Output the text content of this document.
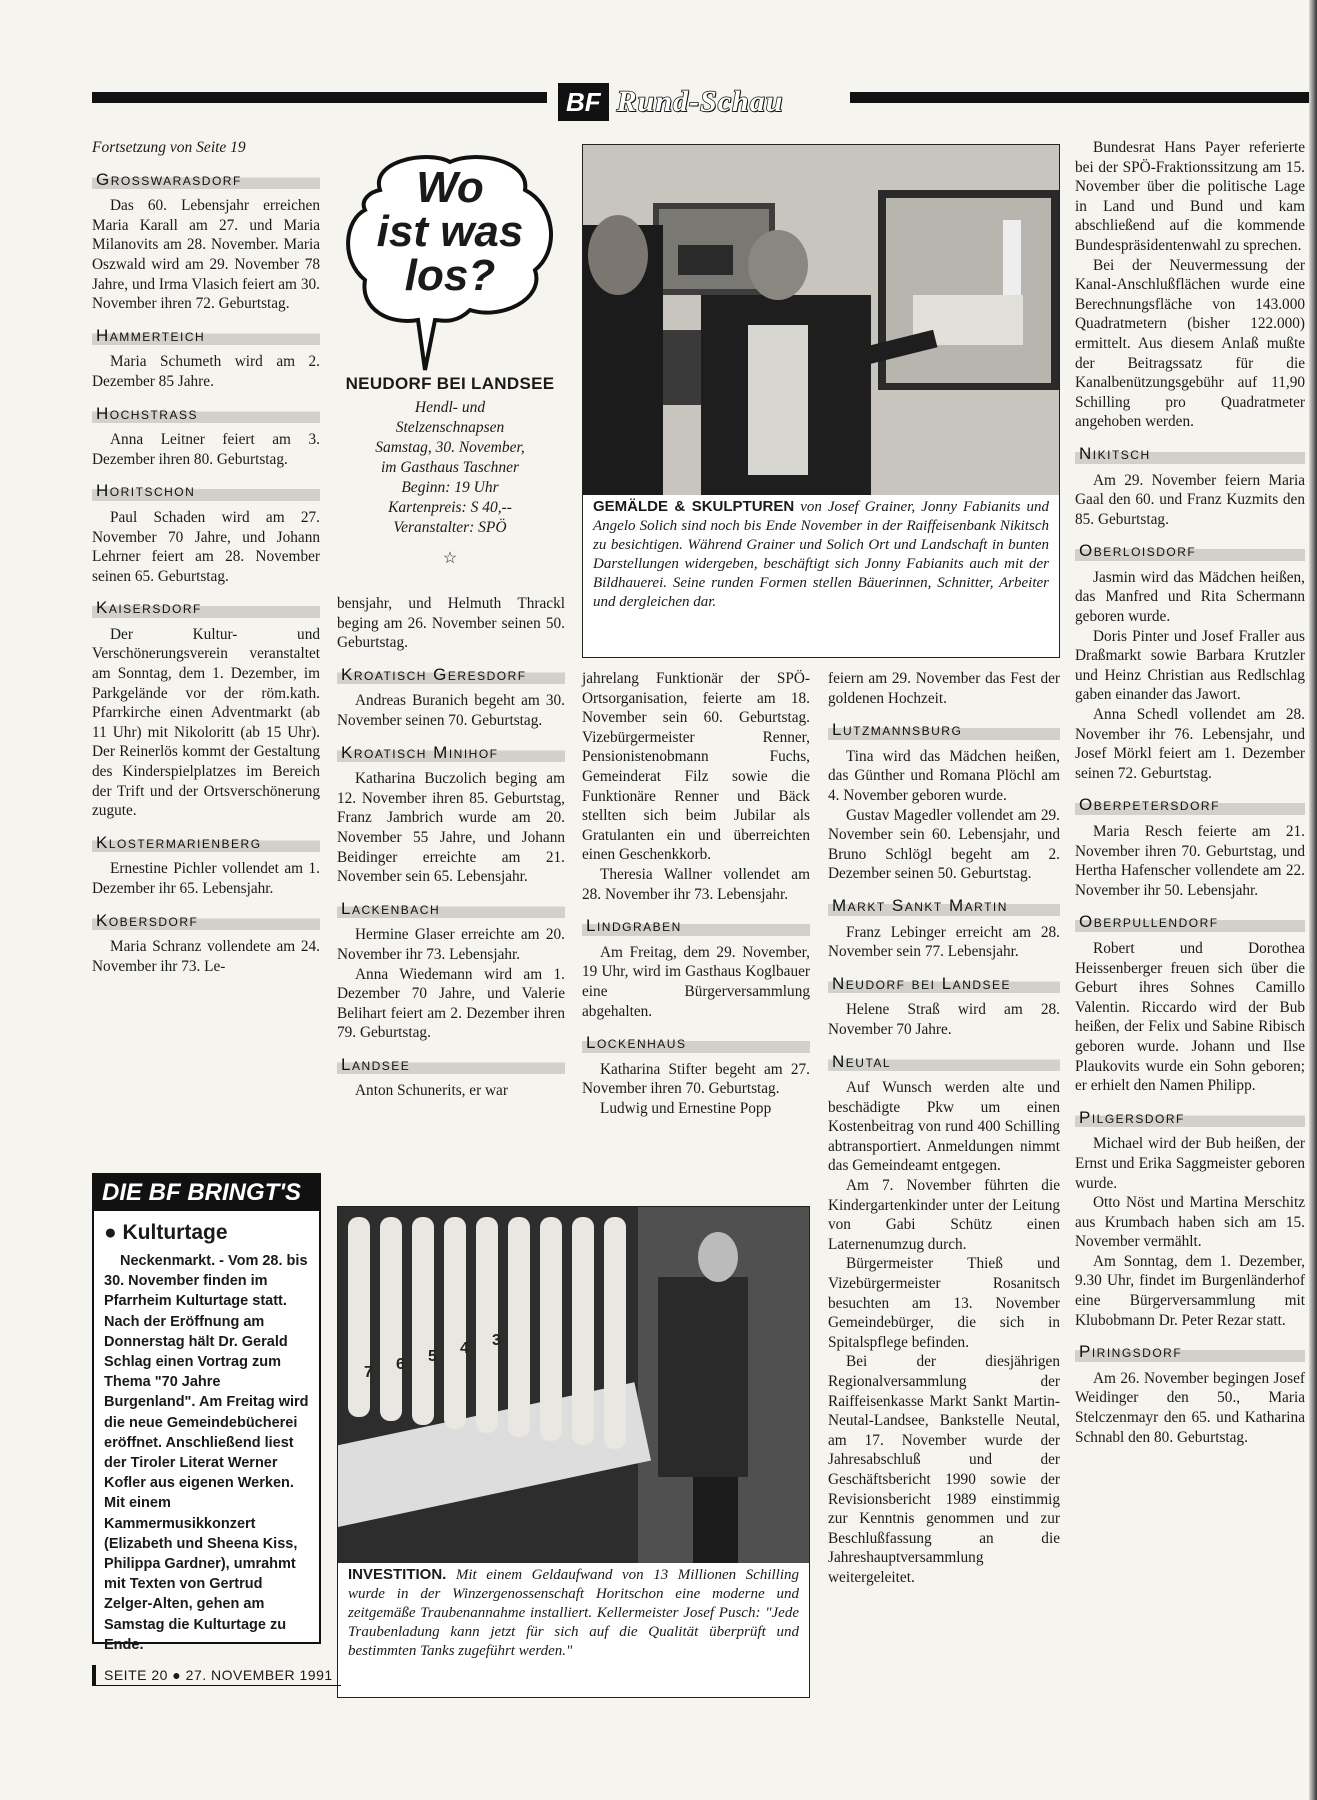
BF Rund-Schau
Fortsetzung von Seite 19
Grosswarasdorf

Das 60. Lebensjahr erreichen Maria Karall am 27. und Maria Milanovits am 28. November. Maria Oszwald wird am 29. November 78 Jahre, und Irma Vlasich feiert am 30. November ihren 72. Geburtstag.

Hammerteich

Maria Schumeth wird am 2. Dezember 85 Jahre.

Hochstrass

Anna Leitner feiert am 3. Dezember ihren 80. Geburtstag.

Horitschon

Paul Schaden wird am 27. November 70 Jahre, und Johann Lehrner feiert am 28. November seinen 65. Geburtstag.

Kaisersdorf

Der Kultur- und Verschönerungsverein veranstaltet am Sonntag, dem 1. Dezember, im Parkgelände vor der röm.kath. Pfarrkirche einen Adventmarkt (ab 11 Uhr) mit Nikoloritt (ab 15 Uhr). Der Reinerlös kommt der Gestaltung des Kinderspielplatzes im Bereich der Trift und der Ortsverschönerung zugute.

Klostermarienberg

Ernestine Pichler vollendet am 1. Dezember ihr 65. Lebensjahr.

Kobersdorf

Maria Schranz vollendete am 24. November ihr 73. Le-

Wo
ist was
los?
NEUDORF BEI LANDSEE
Hendl- und
Stelzenschnapsen
Samstag, 30. November,
im Gasthaus Taschner
Beginn: 19 Uhr
Kartenpreis: S 40,--
Veranstalter: SPÖ
☆

bensjahr, und Helmuth Thrackl beging am 26. November seinen 50. Geburtstag.

Kroatisch Geresdorf

Andreas Buranich begeht am 30. November seinen 70. Geburtstag.

Kroatisch Minihof

Katharina Buczolich beging am 12. November ihren 85. Geburtstag, Franz Jambrich wurde am 20. November 55 Jahre, und Johann Beidinger erreichte am 21. November sein 65. Lebensjahr.

Lackenbach

Hermine Glaser erreichte am 20. November ihr 73. Lebensjahr.

Anna Wiedemann wird am 1. Dezember 70 Jahre, und Valerie Belihart feiert am 2. Dezember ihren 79. Geburtstag.

Landsee

Anton Schunerits, er war

GEMÄLDE & SKULPTUREN von Josef Grainer, Jonny Fabianits und Angelo Solich sind noch bis Ende November in der Raiffeisenbank Nikitsch zu besichtigen. Während Grainer und Solich Ort und Landschaft in bunten Darstellungen widergeben, beschäftigt sich Jonny Fabianits auch mit der Bildhauerei. Seine runden Formen stellen Bäuerinnen, Schnitter, Arbeiter und dergleichen dar.

jahrelang Funktionär der SPÖ-Ortsorganisation, feierte am 18. November sein 60. Geburtstag. Vizebürgermeister Renner, Pensionistenobmann Fuchs, Gemeinderat Filz sowie die Funktionäre Renner und Bäck stellten sich beim Jubilar als Gratulanten ein und überreichten einen Geschenkkorb.

Theresia Wallner vollendet am 28. November ihr 73. Lebensjahr.

Lindgraben

Am Freitag, dem 29. November, 19 Uhr, wird im Gasthaus Koglbauer eine Bürgerversammlung abgehalten.

Lockenhaus

Katharina Stifter begeht am 27. November ihren 70. Geburtstag.

Ludwig und Ernestine Popp

feiern am 29. November das Fest der goldenen Hochzeit.

Lutzmannsburg

Tina wird das Mädchen heißen, das Günther und Romana Plöchl am 4. November geboren wurde.

Gustav Magedler vollendet am 29. November sein 60. Lebensjahr, und Bruno Schlögl begeht am 2. Dezember seinen 50. Geburtstag.

Markt Sankt Martin

Franz Lebinger erreicht am 28. November sein 77. Lebensjahr.

Neudorf bei Landsee

Helene Straß wird am 28. November 70 Jahre.

Neutal

Auf Wunsch werden alte und beschädigte Pkw um einen Kostenbeitrag von rund 400 Schilling abtransportiert. Anmeldungen nimmt das Gemeindeamt entgegen.

Am 7. November führten die Kindergartenkinder unter der Leitung von Gabi Schütz einen Laternenumzug durch.

Bürgermeister Thieß und Vizebürgermeister Rosanitsch besuchten am 13. November Gemeindebürger, die sich in Spitalspflege befinden.

Bei der diesjährigen Regionalversammlung der Raiffeisenkasse Markt Sankt Martin-Neutal-Landsee, Bankstelle Neutal, am 17. November wurde der Jahresabschluß und der Geschäftsbericht 1990 sowie der Revisionsbericht 1989 einstimmig zur Kenntnis genommen und zur Beschlußfassung an die Jahreshauptversammlung weitergeleitet.

Bundesrat Hans Payer referierte bei der SPÖ-Fraktionssitzung am 15. November über die politische Lage in Land und Bund und kam abschließend auf die kommende Bundespräsidentenwahl zu sprechen.

Bei der Neuvermessung der Kanal-Anschlußflächen wurde eine Berechnungsfläche von 143.000 Quadratmetern (bisher 122.000) ermittelt. Aus diesem Anlaß mußte der Beitragssatz für die Kanalbenützungsgebühr auf 11,90 Schilling pro Quadratmeter angehoben werden.

Nikitsch

Am 29. November feiern Maria Gaal den 60. und Franz Kuzmits den 85. Geburtstag.

Oberloisdorf

Jasmin wird das Mädchen heißen, das Manfred und Rita Schermann geboren wurde.

Doris Pinter und Josef Fraller aus Draßmarkt sowie Barbara Krutzler und Heinz Christian aus Redlschlag gaben einander das Jawort.

Anna Schedl vollendet am 28. November ihr 76. Lebensjahr, und Josef Mörkl feiert am 1. Dezember seinen 72. Geburtstag.

Oberpetersdorf

Maria Resch feierte am 21. November ihren 70. Geburtstag, und Hertha Hafenscher vollendete am 22. November ihr 50. Lebensjahr.

Oberpullendorf

Robert und Dorothea Heissenberger freuen sich über die Geburt ihres Sohnes Camillo Valentin. Riccardo wird der Bub heißen, der Felix und Sabine Ribisch geboren wurde. Johann und Ilse Plaukovits wurde ein Sohn geboren; er erhielt den Namen Philipp.

Pilgersdorf

Michael wird der Bub heißen, der Ernst und Erika Saggmeister geboren wurde.

Otto Nöst und Martina Merschitz aus Krumbach haben sich am 15. November vermählt.

Am Sonntag, dem 1. Dezember, 9.30 Uhr, findet im Burgenländerhof eine Bürgerversammlung mit Klubobmann Dr. Peter Rezar statt.

Piringsdorf

Am 26. November begingen Josef Weidinger den 50., Maria Stelczenmayr den 65. und Katharina Schnabl den 80. Geburtstag.

DIE BF BRINGT'S
● Kulturtage

Neckenmarkt. - Vom 28. bis 30. November finden im Pfarrheim Kulturtage statt. Nach der Eröffnung am Donnerstag hält Dr. Gerald Schlag einen Vortrag zum Thema "70 Jahre Burgenland". Am Freitag wird die neue Gemeindebücherei eröffnet. Anschließend liest der Tiroler Literat Werner Kofler aus eigenen Werken. Mit einem Kammermusikkonzert (Elizabeth und Sheena Kiss, Philippa Gardner), umrahmt mit Texten von Gertrud Zelger-Alten, gehen am Samstag die Kulturtage zu Ende.

7 6 5 4 3
INVESTITION. Mit einem Geldaufwand von 13 Millionen Schilling wurde in der Winzergenossenschaft Horitschon eine moderne und zeitgemäße Traubenannahme installiert. Kellermeister Josef Pusch: "Jede Traubenladung kann jetzt für sich auf die Qualität überprüft und bestimmten Tanks zugeführt werden."
SEITE 20 ● 27. NOVEMBER 1991
